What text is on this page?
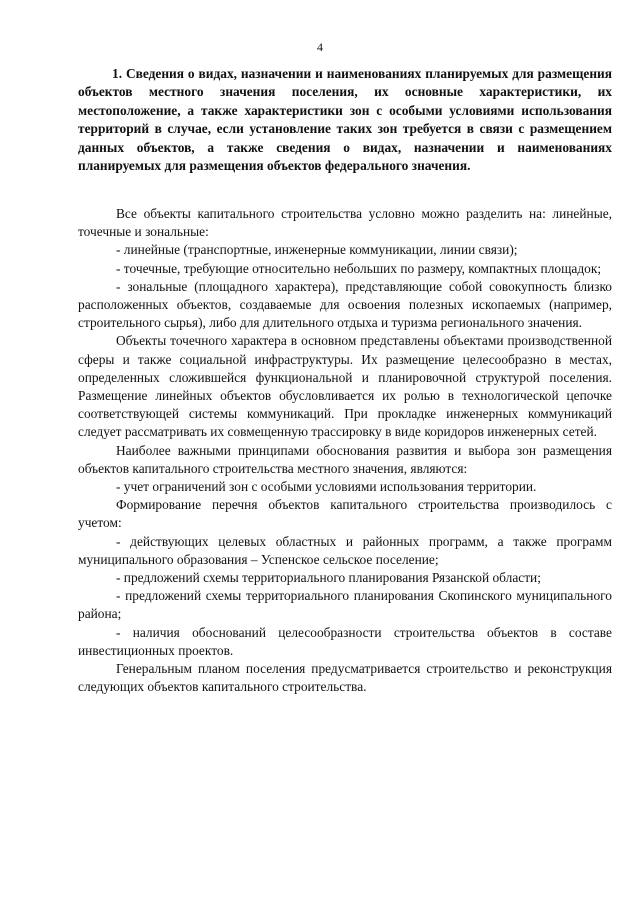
4

1. Сведения о видах, назначении и наименованиях планируемых для размещения объектов местного значения поселения, их основные характеристики, их местоположение, а также характеристики зон с особыми условиями использования территорий в случае, если установление таких зон требуется в связи с размещением данных объектов, а также сведения о видах, назначении и наименованиях планируемых для размещения объектов федерального значения.

Все объекты капитального строительства условно можно разделить на: линейные, точечные и зональные:

- линейные (транспортные, инженерные коммуникации, линии связи);

- точечные, требующие относительно небольших по размеру, компактных площадок;

- зональные (площадного характера), представляющие собой совокупность близко расположенных объектов, создаваемые для освоения полезных ископаемых (например, строительного сырья), либо для длительного отдыха и туризма регионального значения.

Объекты точечного характера в основном представлены объектами производственной сферы и также социальной инфраструктуры. Их размещение целесообразно в местах, определенных сложившейся функциональной и планировочной структурой поселения. Размещение линейных объектов обусловливается их ролью в технологической цепочке соответствующей системы коммуникаций. При прокладке инженерных коммуникаций следует рассматривать их совмещенную трассировку в виде коридоров инженерных сетей.

Наиболее важными принципами обоснования развития и выбора зон размещения объектов капитального строительства местного значения, являются:

- учет ограничений зон с особыми условиями использования территории.

Формирование перечня объектов капитального строительства производилось с учетом:

- действующих целевых областных и районных программ, а также программ муниципального образования – Успенское сельское поселение;

- предложений схемы территориального планирования Рязанской области;

- предложений схемы территориального планирования Скопинского муниципального района;

- наличия обоснований целесообразности строительства объектов в составе инвестиционных проектов.

Генеральным планом поселения предусматривается строительство и реконструкция следующих объектов капитального строительства.
